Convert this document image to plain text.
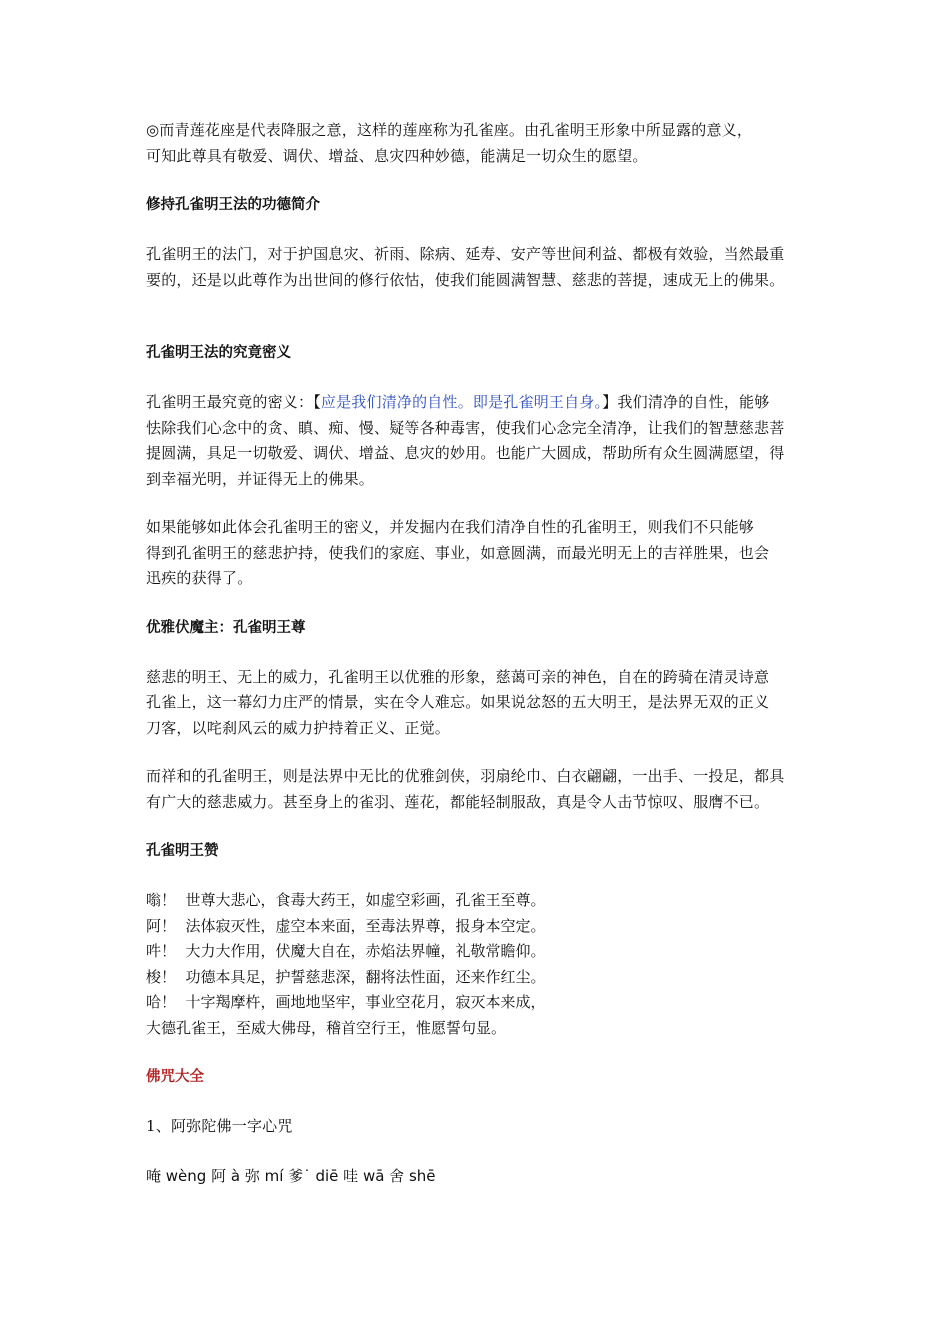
◎而青莲花座是代表降服之意，这样的莲座称为孔雀座。由孔雀明王形象中所显露的意义，

可知此尊具有敬爱、调伏、增益、息灾四种妙德，能满足一切众生的愿望。

修持孔雀明王法的功德简介

孔雀明王的法门，对于护国息灾、祈雨、除病、延寿、安产等世间利益、都极有效验，当然最重

要的，还是以此尊作为出世间的修行依怙，使我们能圆满智慧、慈悲的菩提，速成无上的佛果。

孔雀明王法的究竟密义

孔雀明王最究竟的密义：【应是我们清净的自性。即是孔雀明王自身。】我们清净的自性，能够

怯除我们心念中的贪、瞋、痴、慢、疑等各种毒害，使我们心念完全清净，让我们的智慧慈悲菩

提圆满，具足一切敬爱、调伏、增益、息灾的妙用。也能广大圆成，帮助所有众生圆满愿望，得

到幸福光明，并证得无上的佛果。

如果能够如此体会孔雀明王的密义，并发掘内在我们清净自性的孔雀明王，则我们不只能够

得到孔雀明王的慈悲护持，使我们的家庭、事业，如意圆满，而最光明无上的吉祥胜果，也会

迅疾的获得了。

优雅伏魔主：孔雀明王尊

慈悲的明王、无上的威力，孔雀明王以优雅的形象，慈蔼可亲的神色，自在的跨骑在清灵诗意

孔雀上，这一幕幻力庄严的情景，实在令人难忘。如果说忿怒的五大明王，是法界无双的正义

刀客，以咤刹风云的威力护持着正义、正觉。

而祥和的孔雀明王，则是法界中无比的优雅剑侠，羽扇纶巾、白衣翩翩，一出手、一投足，都具

有广大的慈悲威力。甚至身上的雀羽、莲花，都能轻制服敌，真是令人击节惊叹、服膺不已。

孔雀明王赞

嗡！  世尊大悲心，食毒大药王，如虚空彩画，孔雀王至尊。

阿！  法体寂灭性，虚空本来面，至毒法界尊，报身本空定。

吽！  大力大作用，伏魔大自在，赤焰法界幢，礼敬常瞻仰。

梭！  功德本具足，护誓慈悲深，翻将法性面，还来作红尘。

哈！  十字羯摩杵，画地地坚牢，事业空花月，寂灭本来成，

大德孔雀王，至威大佛母，稽首空行王，惟愿誓句显。

佛咒大全

1、阿弥陀佛一字心咒

唵 wèng 阿 à 弥 mí 爹˙ diē 哇 wā 舍 shē
